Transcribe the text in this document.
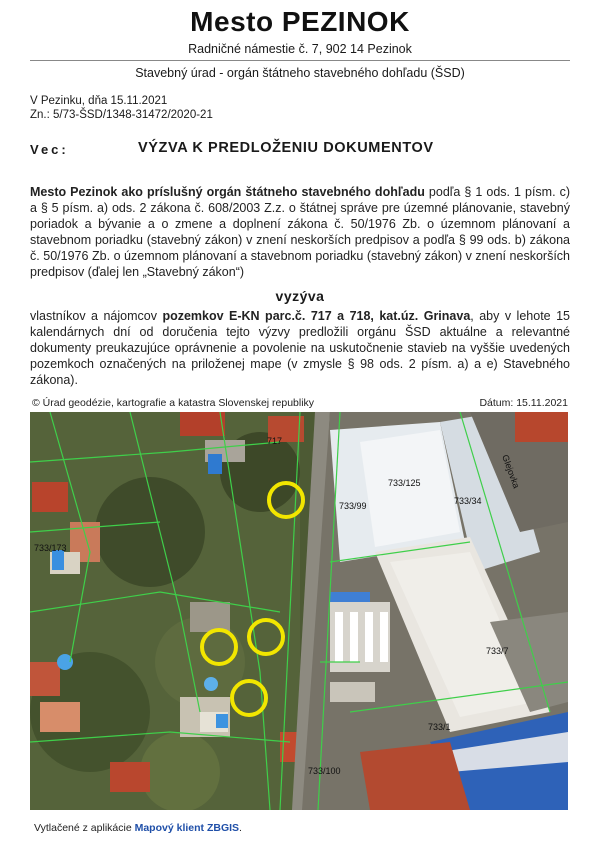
Mesto PEZINOK
Radničné námestie č. 7, 902 14 Pezinok
Stavebný úrad - orgán štátneho stavebného dohľadu (ŠSD)
V Pezinku, dňa 15.11.2021
Zn.: 5/73-ŠSD/1348-31472/2020-21
Vec:	VÝZVA K PREDLOŽENIU DOKUMENTOV
Mesto Pezinok ako príslušný orgán štátneho stavebného dohľadu podľa § 1 ods. 1 písm. c) a § 5 písm. a) ods. 2 zákona č. 608/2003 Z.z. o štátnej správe pre územné plánovanie, stavebný poriadok a bývanie a o zmene a doplnení zákona č. 50/1976 Zb. o územnom plánovaní a stavebnom poriadku (stavebný zákon) v znení neskorších predpisov a podľa § 99 ods. b) zákona č. 50/1976 Zb. o územnom plánovaní a stavebnom poriadku (stavebný zákon) v znení neskorších predpisov (ďalej len „Stavebný zákon“)
vyzýva
vlastníkov a nájomcov pozemkov E-KN parc.č. 717 a 718, kat.úz. Grinava, aby v lehote 15 kalendárnych dní od doručenia tejto výzvy predložili orgánu ŠSD aktuálne a relevantné dokumenty preukazujúce oprávnenie a povolenie na uskutočnenie stavieb na vyššie uvedených pozemkoch označených na priloženej mape (v zmysle § 98 ods. 2 písm. a) a e) Stavebného zákona).
© Úrad geodézie, kartografie a katastra Slovenskej republiky	Dátum: 15.11.2021
733/173
733/99
733/125
733/34
733/7
733/1
733/100
717
Glejovka
Vytlačené z aplikácie Mapový klient ZBGIS.
